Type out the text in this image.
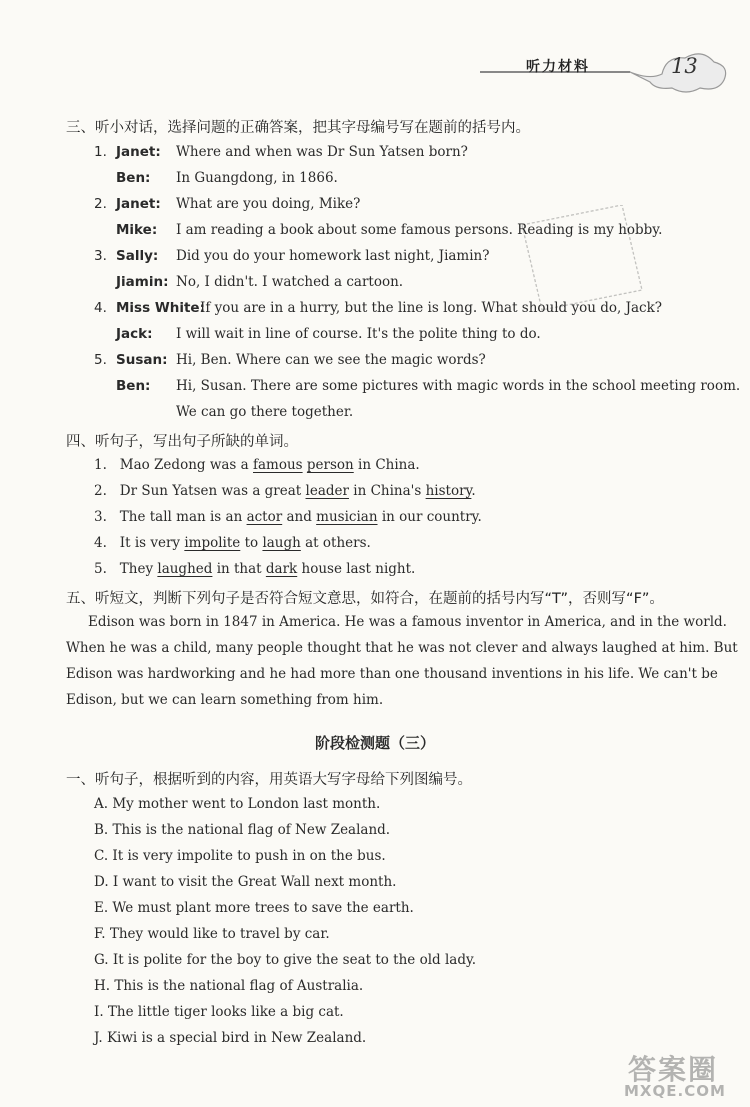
听力材料	13
三、听小对话，选择问题的正确答案，把其字母编号写在题前的括号内。
1. Janet: Where and when was Dr Sun Yatsen born?
Ben: In Guangdong, in 1866.
2. Janet: What are you doing, Mike?
Mike: I am reading a book about some famous persons. Reading is my hobby.
3. Sally: Did you do your homework last night, Jiamin?
Jiamin: No, I didn't. I watched a cartoon.
4. Miss White:
If you are in a hurry, but the line is long. What should you do, Jack?
Jack: I will wait in line of course. It's the polite thing to do.
5. Susan: Hi, Ben. Where can we see the magic words?
Ben: Hi, Susan. There are some pictures with magic words in the school meeting room.
We can go there together.
四、听句子，写出句子所缺的单词。
1. Mao Zedong was a famous person in China.
2. Dr Sun Yatsen was a great leader in China's history.
3. The tall man is an actor and musician in our country.
4. It is very impolite to laugh at others.
5. They laughed in that dark house last night.
五、听短文，判断下列句子是否符合短文意思，如符合，在题前的括号内写“T”，否则写“F”。
Edison was born in 1847 in America. He was a famous inventor in America, and in the world.
When he was a child, many people thought that he was not clever and always laughed at him. But
Edison was hardworking and he had more than one thousand inventions in his life. We can't be
Edison, but we can learn something from him.
阶段检测题（三）
一、听句子，根据听到的内容，用英语大写字母给下列图编号。
A. My mother went to London last month.
B. This is the national flag of New Zealand.
C. It is very impolite to push in on the bus.
D. I want to visit the Great Wall next month.
E. We must plant more trees to save the earth.
F. They would like to travel by car.
G. It is polite for the boy to give the seat to the old lady.
H. This is the national flag of Australia.
I. The little tiger looks like a big cat.
J. Kiwi is a special bird in New Zealand.
答案圈
MXQE.COM
